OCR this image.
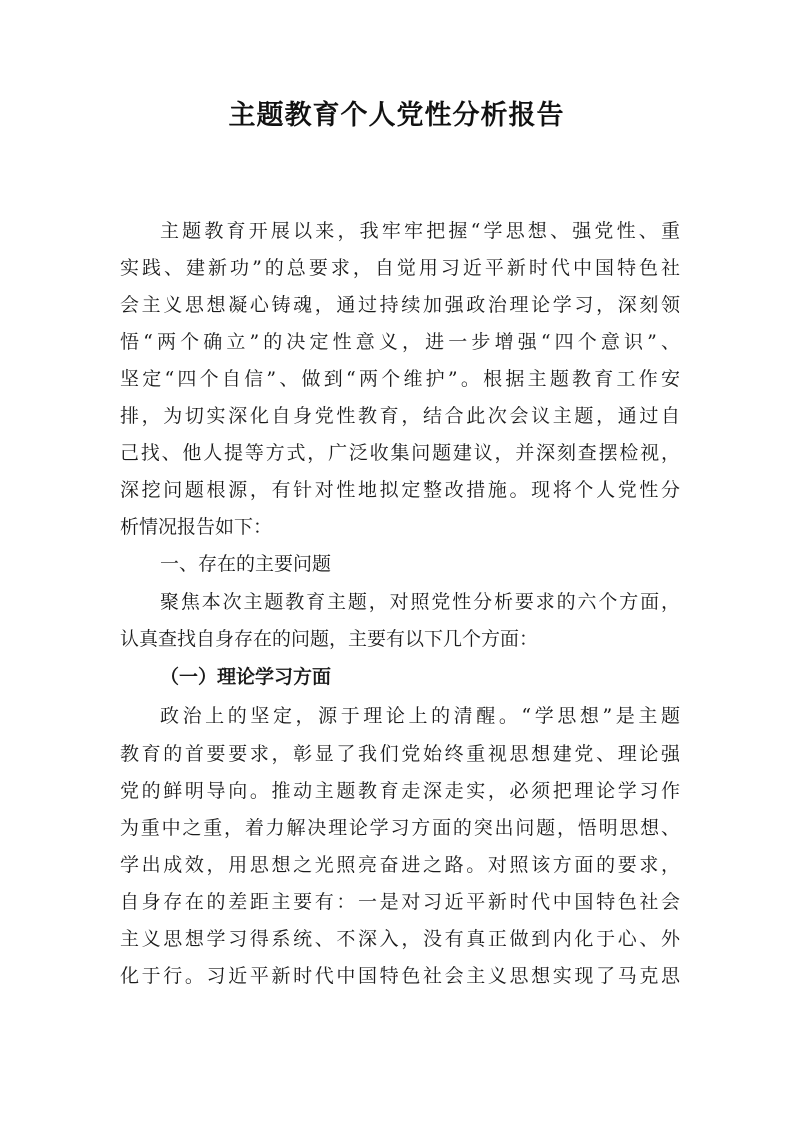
主题教育个人党性分析报告

主题教育开展以来，我牢牢把握“学思想、强党性、重

实践、建新功”的总要求，自觉用习近平新时代中国特色社

会主义思想凝心铸魂，通过持续加强政治理论学习，深刻领

悟“两个确立”的决定性意义，进一步增强“四个意识”、

坚定“四个自信”、做到“两个维护”。根据主题教育工作安

排，为切实深化自身党性教育，结合此次会议主题，通过自

己找、他人提等方式，广泛收集问题建议，并深刻查摆检视，

深挖问题根源，有针对性地拟定整改措施。现将个人党性分

析情况报告如下：

一、存在的主要问题

聚焦本次主题教育主题，对照党性分析要求的六个方面，

认真查找自身存在的问题，主要有以下几个方面：

（一）理论学习方面

政治上的坚定，源于理论上的清醒。“学思想”是主题

教育的首要要求，彰显了我们党始终重视思想建党、理论强

党的鲜明导向。推动主题教育走深走实，必须把理论学习作

为重中之重，着力解决理论学习方面的突出问题，悟明思想、

学出成效，用思想之光照亮奋进之路。对照该方面的要求，

自身存在的差距主要有：一是对习近平新时代中国特色社会

主义思想学习得系统、不深入，没有真正做到内化于心、外

化于行。习近平新时代中国特色社会主义思想实现了马克思
